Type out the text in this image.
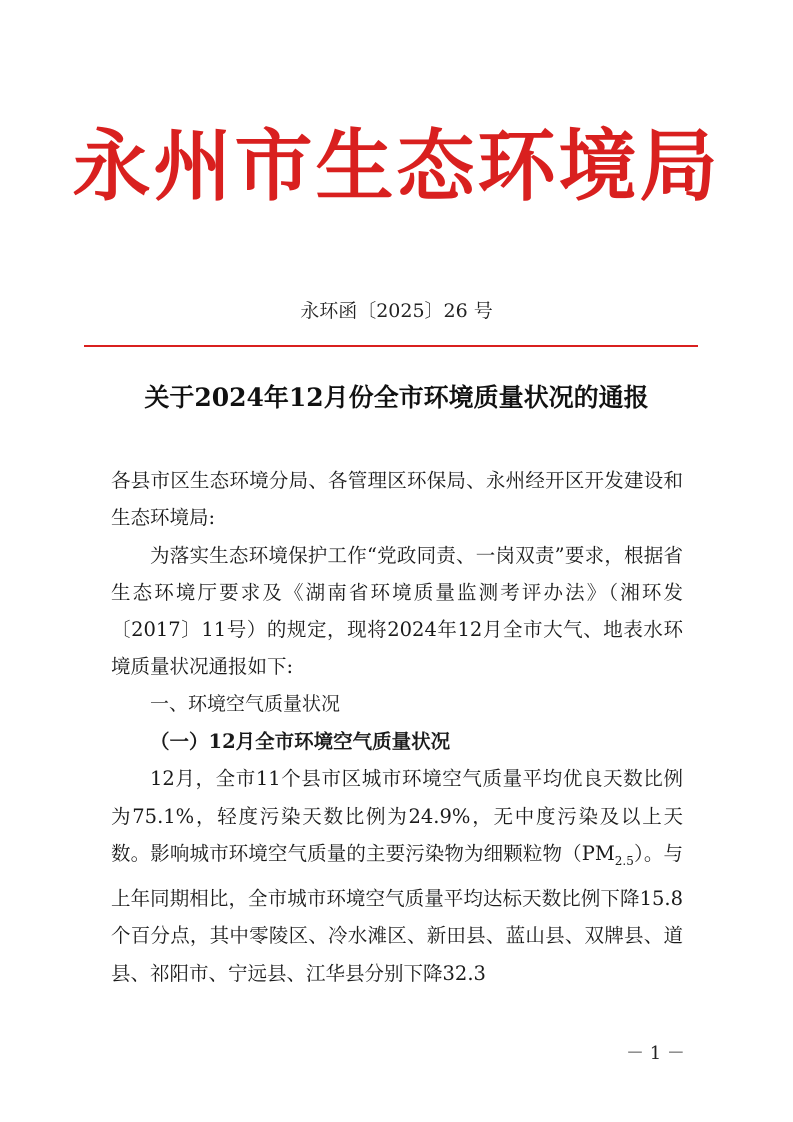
永州市生态环境局
永环函〔2025〕26 号
关于2024年12月份全市环境质量状况的通报

各县市区生态环境分局、各管理区环保局、永州经开区开发建设和生态环境局:

为落实生态环境保护工作“党政同责、一岗双责”要求，根据省生态环境厅要求及《湖南省环境质量监测考评办法》（湘环发〔2017〕11号）的规定，现将2024年12月全市大气、地表水环境质量状况通报如下:

一、环境空气质量状况

（一）12月全市环境空气质量状况

12月，全市11个县市区城市环境空气质量平均优良天数比例为75.1%，轻度污染天数比例为24.9%，无中度污染及以上天数。影响城市环境空气质量的主要污染物为细颗粒物$(PM_{2.5})$。与上年同期相比，全市城市环境空气质量平均达标天数比例下降15.8个百分点，其中零陵区、冷水滩区、新田县、蓝山县、双牌县、道县、祁阳市、宁远县、江华县分别下降32.3

－ 1 －
